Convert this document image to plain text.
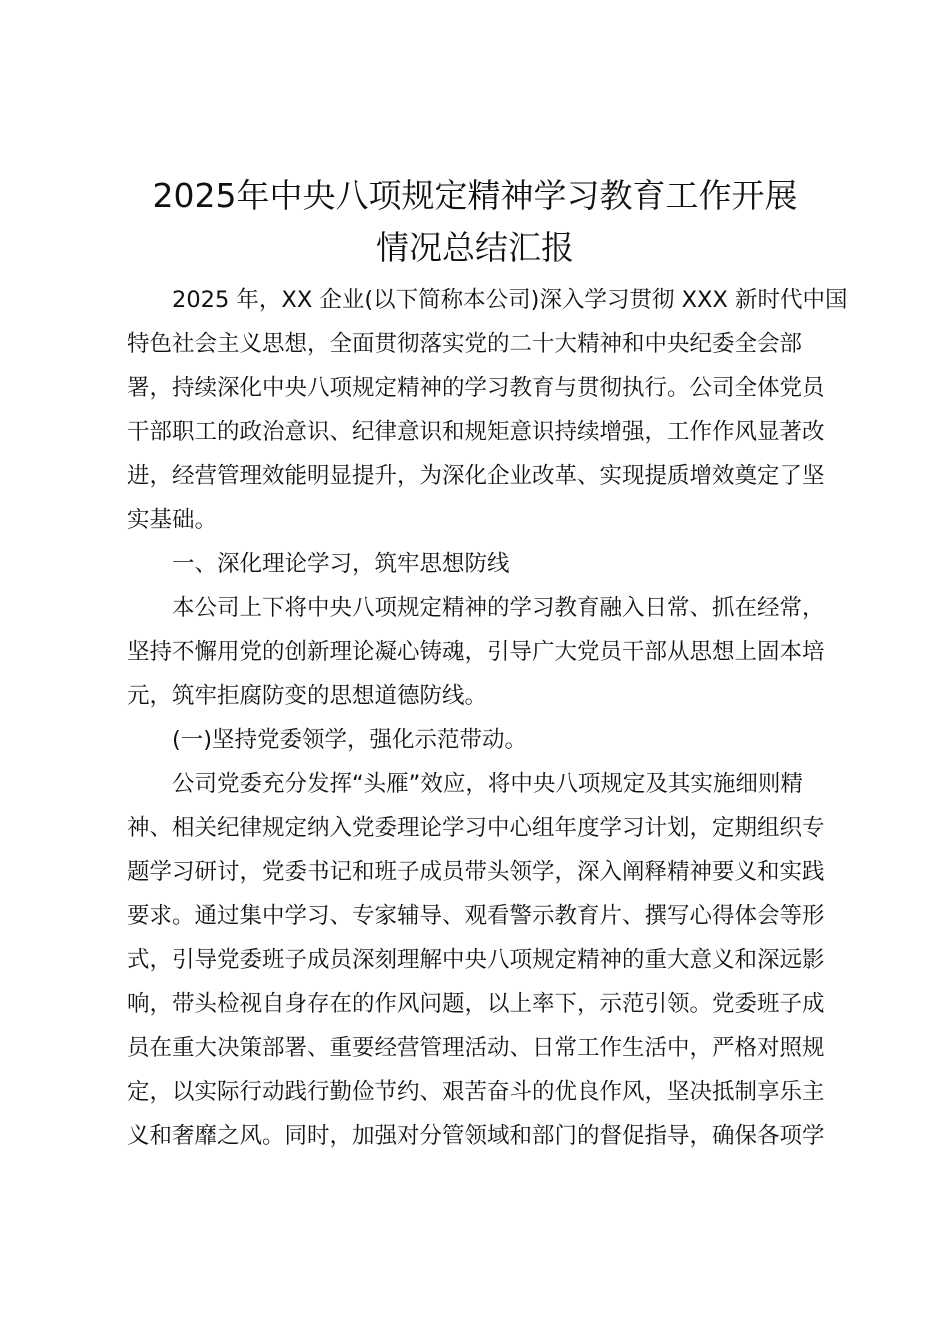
2025年中央八项规定精神学习教育工作开展
情况总结汇报

2025 年，XX 企业(以下简称本公司)深入学习贯彻 XXX 新时代中国

特色社会主义思想，全面贯彻落实党的二十大精神和中央纪委全会部

署，持续深化中央八项规定精神的学习教育与贯彻执行。公司全体党员

干部职工的政治意识、纪律意识和规矩意识持续增强，工作作风显著改

进，经营管理效能明显提升，为深化企业改革、实现提质增效奠定了坚

实基础。

一、深化理论学习，筑牢思想防线

本公司上下将中央八项规定精神的学习教育融入日常、抓在经常，

坚持不懈用党的创新理论凝心铸魂，引导广大党员干部从思想上固本培

元，筑牢拒腐防变的思想道德防线。

(一)坚持党委领学，强化示范带动。

公司党委充分发挥“头雁”效应，将中央八项规定及其实施细则精

神、相关纪律规定纳入党委理论学习中心组年度学习计划，定期组织专

题学习研讨，党委书记和班子成员带头领学，深入阐释精神要义和实践

要求。通过集中学习、专家辅导、观看警示教育片、撰写心得体会等形

式，引导党委班子成员深刻理解中央八项规定精神的重大意义和深远影

响，带头检视自身存在的作风问题，以上率下，示范引领。党委班子成

员在重大决策部署、重要经营管理活动、日常工作生活中，严格对照规

定，以实际行动践行勤俭节约、艰苦奋斗的优良作风，坚决抵制享乐主

义和奢靡之风。同时，加强对分管领域和部门的督促指导，确保各项学
